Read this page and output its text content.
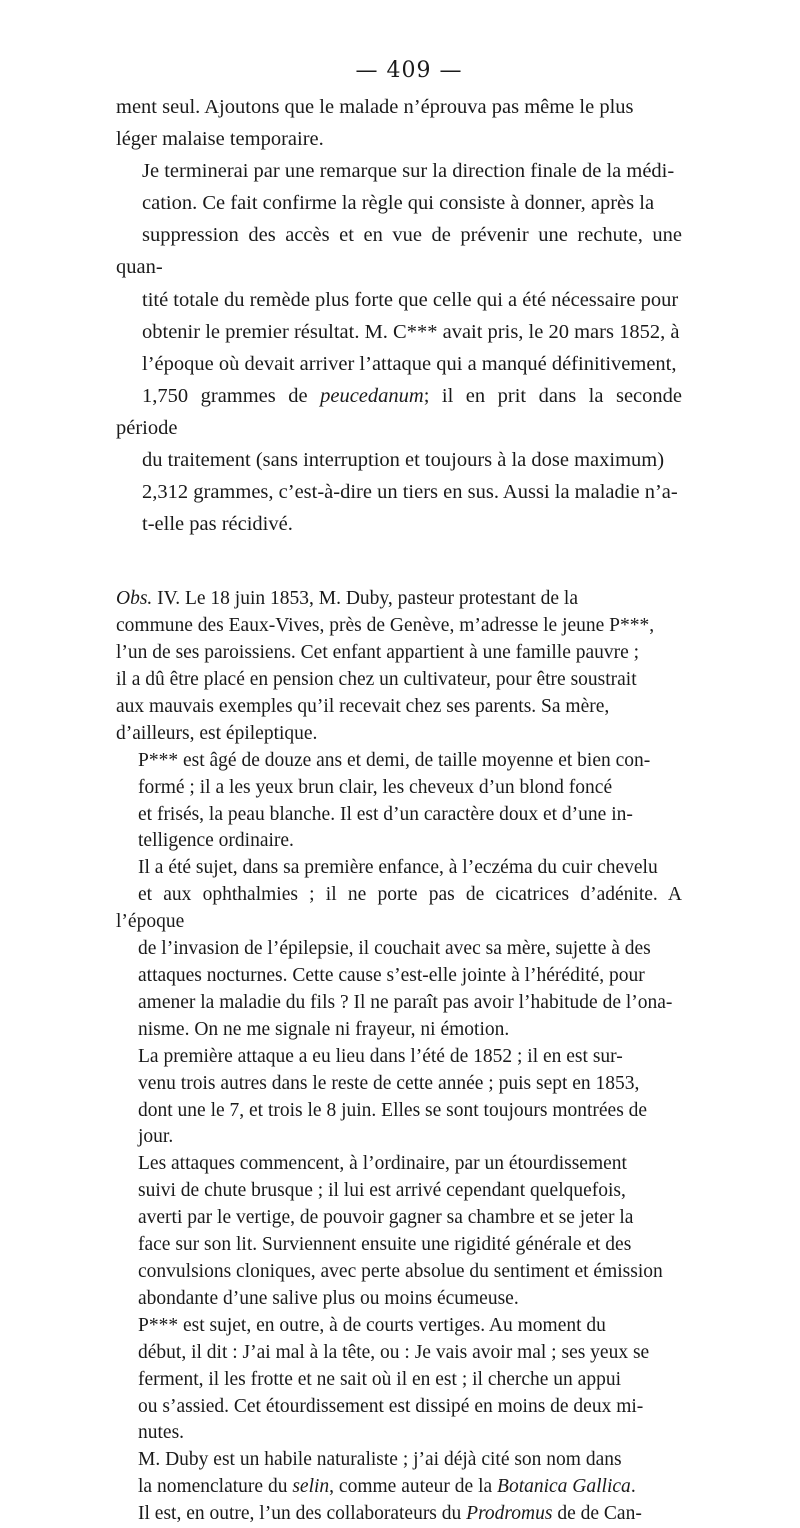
— 409 —

ment seul. Ajoutons que le malade n’éprouva pas même le plus
léger malaise temporaire.

Je terminerai par une remarque sur la direction finale de la médi-
cation. Ce fait confirme la règle qui consiste à donner, après la
suppression des accès et en vue de prévenir une rechute, une quan-
tité totale du remède plus forte que celle qui a été nécessaire pour
obtenir le premier résultat. M. C*** avait pris, le 20 mars 1852, à
l’époque où devait arriver l’attaque qui a manqué définitivement,
1,750 grammes de peucedanum; il en prit dans la seconde période
du traitement (sans interruption et toujours à la dose maximum)
2,312 grammes, c’est-à-dire un tiers en sus. Aussi la maladie n’a-
t-elle pas récidivé.

Obs. IV. Le 18 juin 1853, M. Duby, pasteur protestant de la
commune des Eaux-Vives, près de Genève, m’adresse le jeune P***,
l’un de ses paroissiens. Cet enfant appartient à une famille pauvre ;
il a dû être placé en pension chez un cultivateur, pour être soustrait
aux mauvais exemples qu’il recevait chez ses parents. Sa mère,
d’ailleurs, est épileptique.

P*** est âgé de douze ans et demi, de taille moyenne et bien con-
formé ; il a les yeux brun clair, les cheveux d’un blond foncé
et frisés, la peau blanche. Il est d’un caractère doux et d’une in-
telligence ordinaire.

Il a été sujet, dans sa première enfance, à l’eczéma du cuir chevelu
et aux ophthalmies ; il ne porte pas de cicatrices d’adénite. A l’époque
de l’invasion de l’épilepsie, il couchait avec sa mère, sujette à des
attaques nocturnes. Cette cause s’est-elle jointe à l’hérédité, pour
amener la maladie du fils ? Il ne paraît pas avoir l’habitude de l’ona-
nisme. On ne me signale ni frayeur, ni émotion.

La première attaque a eu lieu dans l’été de 1852 ; il en est sur-
venu trois autres dans le reste de cette année ; puis sept en 1853,
dont une le 7, et trois le 8 juin. Elles se sont toujours montrées de
jour.

Les attaques commencent, à l’ordinaire, par un étourdissement
suivi de chute brusque ; il lui est arrivé cependant quelquefois,
averti par le vertige, de pouvoir gagner sa chambre et se jeter la
face sur son lit. Surviennent ensuite une rigidité générale et des
convulsions cloniques, avec perte absolue du sentiment et émission
abondante d’une salive plus ou moins écumeuse.

P*** est sujet, en outre, à de courts vertiges. Au moment du
début, il dit : J’ai mal à la tête, ou : Je vais avoir mal ; ses yeux se
ferment, il les frotte et ne sait où il en est ; il cherche un appui
ou s’assied. Cet étourdissement est dissipé en moins de deux mi-
nutes.

M. Duby est un habile naturaliste ; j’ai déjà cité son nom dans
la nomenclature du selin, comme auteur de la Botanica Gallica.
Il est, en outre, l’un des collaborateurs du Prodromus de de Can-
